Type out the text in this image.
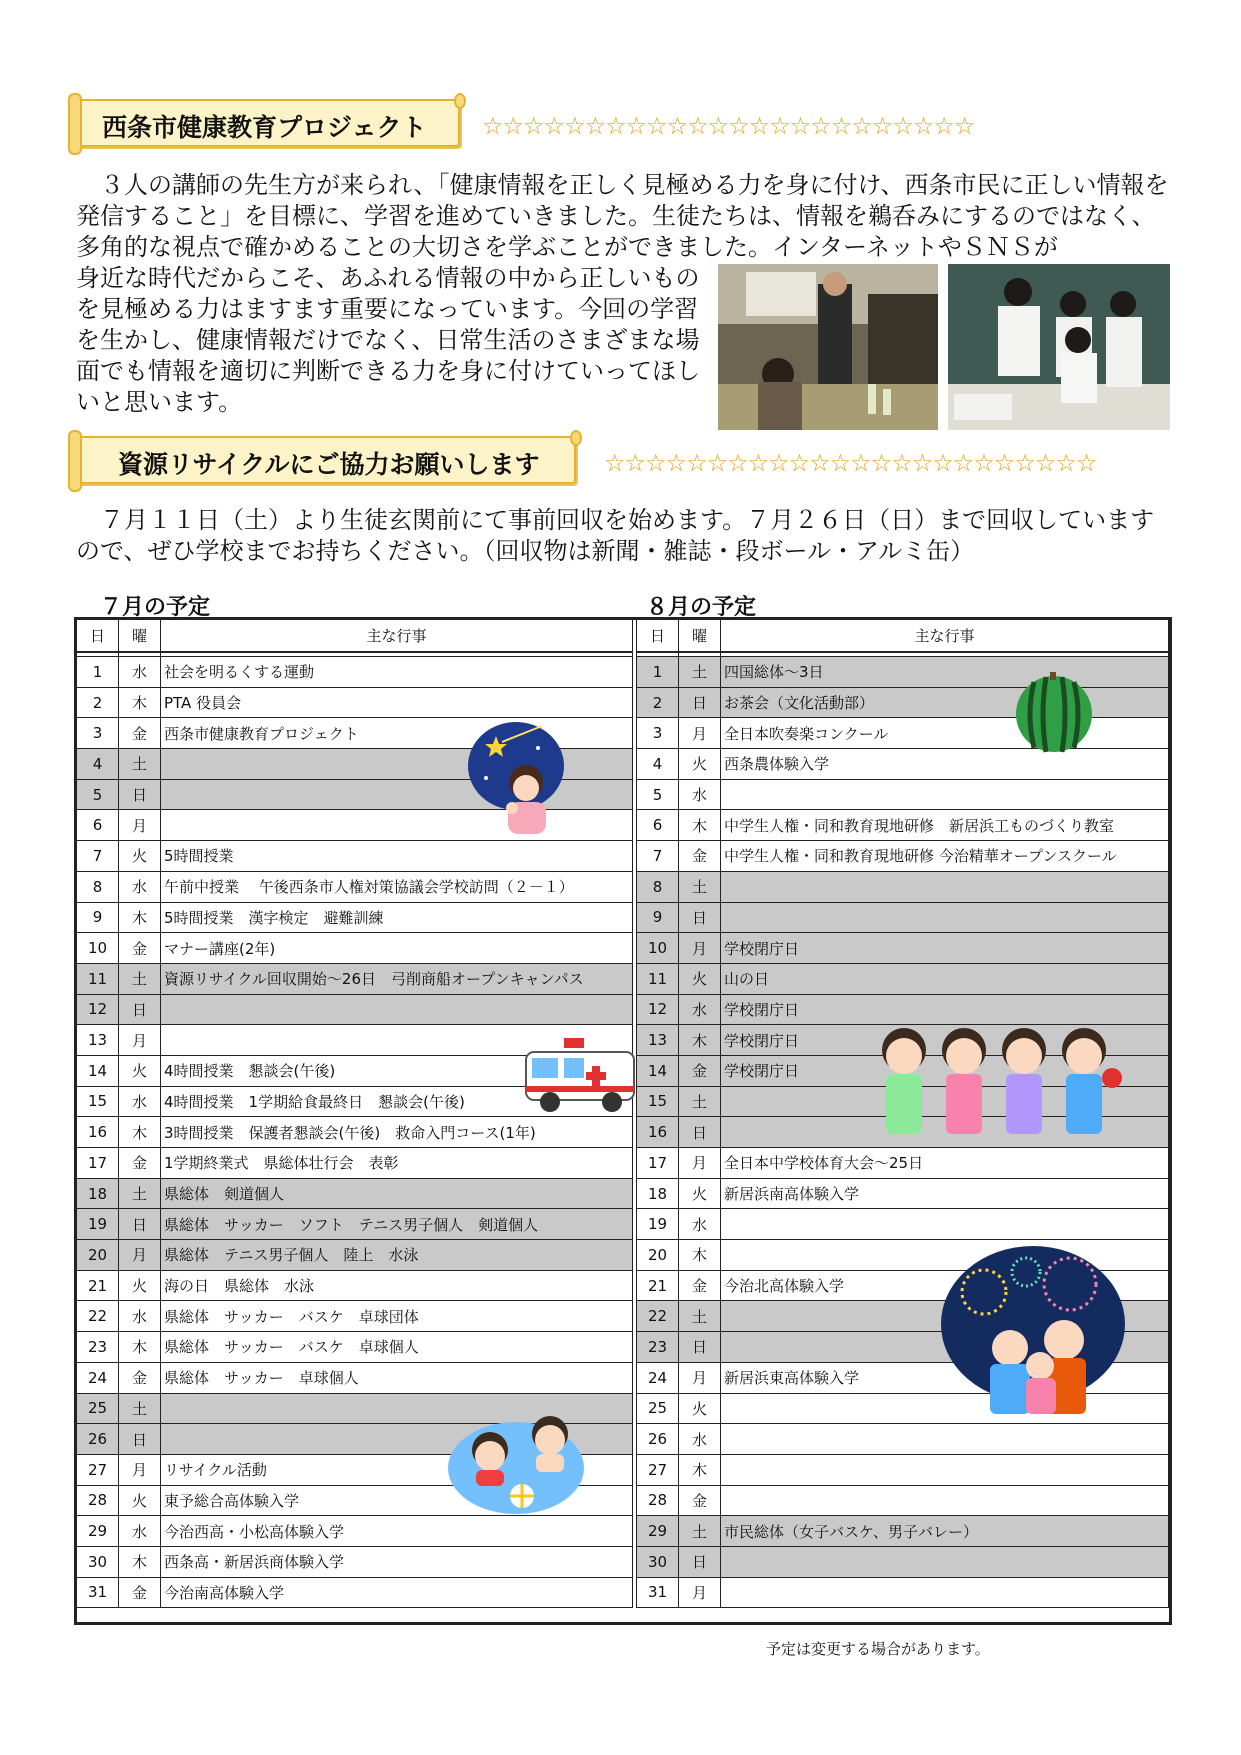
西条市健康教育プロジェクト ☆☆☆☆☆☆☆☆☆☆☆☆☆☆☆☆☆☆☆☆☆☆☆☆

３人の講師の先生方が来られ、「健康情報を正しく見極める力を身に付け、西条市民に正しい情報を発信すること」を目標に、学習を進めていきました。生徒たちは、情報を鵜呑みにするのではなく、多角的な視点で確かめることの大切さを学ぶことができました。インターネットやＳＮＳが

身近な時代だからこそ、あふれる情報の中から正しいものを見極める力はますます重要になっています。今回の学習を生かし、健康情報だけでなく、日常生活のさまざまな場面でも情報を適切に判断できる力を身に付けていってほしいと思います。

資源リサイクルにご協力お願いします	☆☆☆☆☆☆☆☆☆☆☆☆☆☆☆☆☆☆☆☆☆☆☆☆

７月１１日（土）より生徒玄関前にて事前回収を始めます。７月２６日（日）まで回収していますので、ぜひ学校までお持ちください。（回収物は新聞・雑誌・段ボール・アルミ缶）

７月の予定	８月の予定
日	曜	主な行事

1	水	社会を明るくする運動
2	木	PTA 役員会
3	金	西条市健康教育プロジェクト
4	土	
5	日	
6	月	
7	火	5時間授業
8	水	午前中授業　 午後西条市人権対策協議会学校訪問（２－１）
9	木	5時間授業　漢字検定　避難訓練
10	金	マナー講座(2年)
11	土	資源リサイクル回収開始～26日　弓削商船オープンキャンパス
12	日	
13	月	
14	火	4時間授業　懇談会(午後)
15	水	4時間授業　1学期給食最終日　懇談会(午後)
16	木	3時間授業　保護者懇談会(午後)　救命入門コース(1年)
17	金	1学期終業式　県総体壮行会　表彰
18	土	県総体　剣道個人
19	日	県総体　サッカー　ソフト　テニス男子個人　剣道個人
20	月	県総体　テニス男子個人　陸上　水泳
21	火	海の日　県総体　水泳
22	水	県総体　サッカー　バスケ　卓球団体
23	木	県総体　サッカー　バスケ　卓球個人
24	金	県総体　サッカー　卓球個人
25	土	
26	日	
27	月	リサイクル活動
28	火	東予総合高体験入学
29	水	今治西高・小松高体験入学
30	木	西条高・新居浜商体験入学
31	金	今治南高体験入学
日	曜	主な行事

1	土	四国総体～3日
2	日	お茶会（文化活動部）
3	月	全日本吹奏楽コンクール
4	火	西条農体験入学
5	水	
6	木	中学生人権・同和教育現地研修　新居浜工ものづくり教室
7	金	中学生人権・同和教育現地研修 今治精華オープンスクール
8	土	
9	日	
10	月	学校閉庁日
11	火	山の日
12	水	学校閉庁日
13	木	学校閉庁日
14	金	学校閉庁日
15	土	
16	日	
17	月	全日本中学校体育大会～25日
18	火	新居浜南高体験入学
19	水	
20	木	
21	金	今治北高体験入学
22	土	
23	日	
24	月	新居浜東高体験入学
25	火	
26	水	
27	木	
28	金	
29	土	市民総体（女子バスケ、男子バレー）
30	日	
31	月	
予定は変更する場合があります。
